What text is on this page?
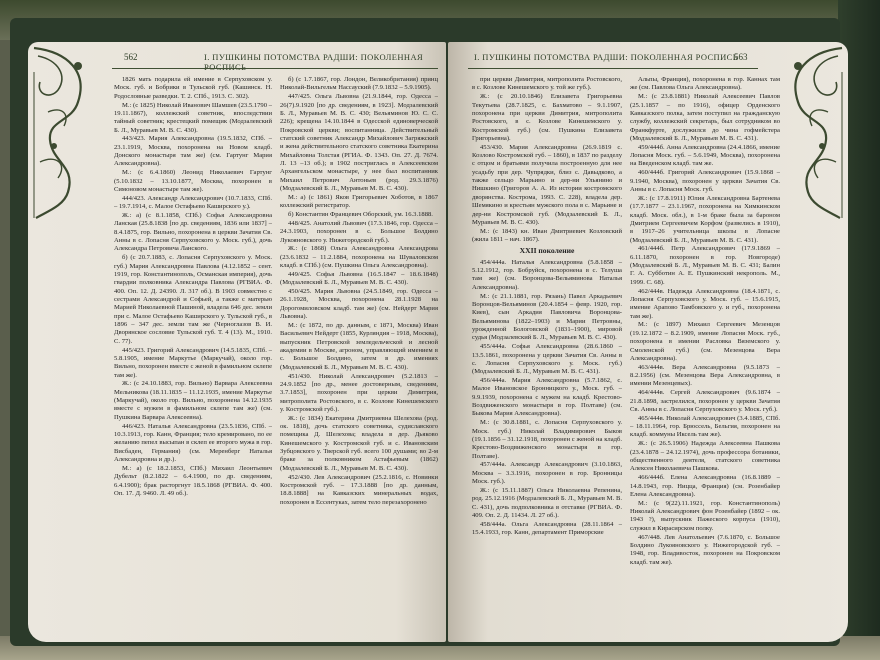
562	I. ПУШКИНЫ ПОТОМСТВА РАДШИ: ПОКОЛЕННАЯ РОСПИСЬ

1826 мать подарила ей имение в Серпуховском у. Моск. губ. и Бобрики в Тульской губ. (Кашинск. Н. Родословные разведки. Т. 2. СПб., 1913. С. 302).

М.: (с 1825) Николай Иванович Шамшев (23.5.1790 – 19.11.1867), коллежский советник, впоследствии тайный советник; крестецкий помещик (Модзалевский Б. Л., Муравьев М. В. С. 430).

443/423. Мария Александровна (19.5.1832, СПб. – 23.1.1919, Москва, похоронена на Новом кладб. Донского монастыря там же) (см. Гартунг Мария Александровна).

М.: (с 6.4.1860) Леонид Николаевич Гартунг (5.10.1832 – 13.10.1877, Москва, похоронен в Симоновом монастыре там же).

444/423. Александр Александрович (10.7.1833, СПб. – 19.7.1914, с. Малое Остафьево Каширского у.).

Ж.: а) (с 8.1.1858, СПб.) Софья Александровна Ланская (25.8.1838 [по др. сведениям, 1836 или 1837] – 8.4.1875, гор. Вильно, похоронена в церкви Зачатия Св. Анны в с. Лопасня Серпуховского у. Моск. губ.), дочь Александра Петровича Ланского.

б) (с 20.7.1883, с. Лопасня Серпуховского у. Моск. губ.) Мария Александровна Павлова (4.12.1852 – сент. 1919, гор. Константинополь, Османская империя), дочь гвардии полковника Александра Павлова (РГВИА. Ф. 400. Оп. 12. Д. 24390. Л. 317 об.). В 1903 совместно с сестрами Александрой и Софьей, а также с матерью Марией Николаевной Пашиной, владела 646 дес. земли при с. Малое Остафьево Каширского у. Тульской губ., в 1896 – 347 дес. земли там же (Черноглазов В. И. Дворянское сословие Тульской губ. Т. 4 (13). М., 1910. С. 77).

445/423. Григорий Александрович (14.5.1835, СПб. – 5.8.1905, имение Маркутье (Маркучай), около гор. Вильно, похоронен вместе с женой в фамильном склепе там же).

Ж.: (с 24.10.1883, гор. Вильно) Варвара Алексеевна Мельникова (18.11.1835 – 11.12.1935, имение Маркутье (Маркучай), около гор. Вильно, похоронена 14.12.1935 вместе с мужем в фамильном склепе там же) (см. Пушкина Варвара Алексеевна).

446/423. Наталья Александровна (23.5.1836, СПб. – 10.3.1913, гор. Канн, Франция; тело кремировано, по ее желанию пепел высыпан в склеп ее второго мужа в гор. Висбаден, Германия) (см. Меренберг Наталья Александровна и др.).

М.: а) (с 18.2.1853, СПб.) Михаил Леонтьевич Дубельт (8.2.1822 – 6.4.1900, по др. сведениям, 6.4.1900); брак расторгнут 18.5.1868 (РГВИА. Ф. 400. Оп. 17. Д. 9460. Л. 49 об.).

б) (с 1.7.1867, гор. Лондон, Великобритания) принц Николай-Вильгельм Нассауский (7.9.1832 – 5.9.1905).

447/425. Ольга Львовна (21.9.1844, гор. Одесса – 26(7).9.1920 [по др. сведениям, в 1923]. Модзалевский Б. Л., Муравьев М. В. С. 430; Вельяминов Ю. С. С. 226); крещена 14.10.1844 в Одесской единоверческой Покровской церкви; воспитанница. Действительный статский советник Александр Михайлович Загряжский и жена действительного статского советника Екатерина Михайловна Толстая (РГИА. Ф. 1343. Оп. 27. Д. 7674. Л. 13 –13 об.); в 1902 постриглась в Алексеевском Архангельском монастыре, у нее был воспитанник Михаил Петрович Антоньев (род. 29.3.1876) (Модзалевский Б. Л., Муравьев М. В. С. 430).

М.: а) (с 1861) Яков Григорьевич Хоботов, в 1867 коллежский регистратор.

б) Константин Францевич Оборский, ум. 16.3.1888.

448/425. Анатолий Львович (17.3.1846, гор. Одесса – 24.3.1903, похоронен в с. Большое Болдино Лукояновского у. Нижегородской губ.).

Ж.: (с 1868) Ольга Александровна Александрова (23.6.1832 – 11.2.1884, похоронена на Шуваловском кладб. в СПб.) (см. Пушкина Ольга Александровна).

449/425. Софья Львовна (16.5.1847 – 18.6.1848) (Модзалевский Б. Л., Муравьев М. В. С. 430).

450/425. Мария Львовна (24.5.1849, гор. Одесса – 26.1.1928, Москва, похоронена 28.1.1928 на Дорогомиловском кладб. там же) (см. Нейдерт Мария Львовна).

М.: (с 1872, по др. данным, с 1871, Москва) Иван Васильевич Нейдерт (1855, Курляндия – 1918, Москва), выпускник Петровской земледельческой и лесной академии в Москве, агроном, управляющий имением в с. Большое Болдино, затем в др. имениях (Модзалевский Б. Л., Муравьев М. В. С. 430).

451/430. Николай Александрович (5.2.1813 – 24.9.1852 [по др., менее достоверным, сведениям, 3.7.1853], похоронен при церкви Димитрия, митрополита Ростовского, в с. Козлове Кинешемского у. Костромской губ.).

Ж.: (с 1834) Екатерина Дмитриевна Шелехова (род. ок. 1818), дочь статского советника, судиславского помещика Д. Шелехова; владела в дер. Дьяково Кинешемского у. Костромской губ. и с. Ивановским Зубцовского у. Тверской губ. всего 100 душами; во 2-м браке за полковником Астафьевым (1862) (Модзалевский Б. Л., Муравьев М. В. С. 430).

452/430. Лев Александрович (25.2.1816, с. Новинки Костромской губ. – 17.3.1888 [по др. данным, 18.8.1888] на Кавказских минеральных водах, похоронен в Ессентуках, затем тело перезахоронено

I. ПУШКИНЫ ПОТОМСТВА РАДШИ: ПОКОЛЕННАЯ РОСПИСЬ
563

при церкви Димитрия, митрополита Ростовского, в с. Козлове Кинешемского у. той же губ.).

Ж.: (с 20.10.1846) Елизавета Григорьевна Текутьева (28.7.1825, с. Бахматово – 9.1.1907, похоронена при церкви Димитрия, митрополита Ростовского, в с. Козлове Кинешемского у. Костромской губ.) (см. Пушкина Елизавета Григорьевна).

453/430. Мария Александровна (26.9.1819 с. Козлово Костромской губ. – 1860), в 1837 по разделу с отцом и братьями получила построенную для нее усадьбу при дер. Чупрядки, близ с. Давыдково, а также сельцо Марьино и дер-ни Ульянино и Нишкино (Григоров А. А. Из истории костромского дворянства. Кострома, 1993. С. 228), владела дер. Шемякино и крестьян мужского пола в с. Марьине и дер-ни Костромской губ. (Модзалевский Б. Л., Муравьев М. В. С. 430).

М.: (с 1843) кн. Иван Дмитриевич Козловский (жила 1811 – нач. 1867).

XXII поколение

454/444а. Наталья Александровна (5.8.1858 – 5.12.1912, гор. Бобруйск, похоронена в с. Телуша там же) (см. Воронцова-Вельяминова Наталья Александровна).

М.: (с 21.1.1881, гор. Рязань) Павел Аркадьевич Воронцов-Вельяминов (20.4.1854 – февр. 1920, гор. Киев), сын Аркадия Павловича Воронцова-Вельяминова (1822–1903) и Марии Петровны, урожденной Бологовской (1831–1900), мировой судья (Модзалевский Б. Л., Муравьев М. В. С. 430).

455/444а. Софья Александровна (28.6.1860 – 13.5.1861, похоронена у церкви Зачатия Св. Анны в с. Лопасня Серпуховского у. Моск. губ.) (Модзалевский Б. Л., Муравьев М. В. С. 431).

456/444а. Мария Александровна (5.7.1862, с. Малое Ивановское Бронницкого у., Моск. губ. – 9.9.1939, похоронена с мужем на кладб. Крестово-Воздвиженского монастыря в гор. Полтаве) (см. Быкова Мария Александровна).

М.: (с 30.8.1881, с. Лопасня Серпуховского у. Моск. губ.) Николай Владимирович Быков (19.1.1856 – 31.12.1918, похоронен с женой на кладб. Крестово-Воздвиженского монастыря в гор. Полтаве).

457/444а. Александр Александрович (3.10.1863, Москва – 3.3.1916, похоронен в гор. Бронницы Моск. губ.).

Ж.: (с 15.11.1887) Ольга Николаевна Репенина, род. 25.12.1916 (Модзалевский Б. Л., Муравьев М. В. С. 431), дочь подполковника в отставке (РГВИА. Ф. 409. Оп. 2. Д. 11434. Л. 27 об.).

458/444а. Ольга Александровна (28.11.1864 – 15.4.1933, гор. Канн, департамент Приморские

Альпы, Франция), похоронена в гор. Каннах там же (см. Павлова Ольга Александровна).

М.: (с 23.8.1881) Николай Алексеевич Павлов (25.1.1857 – по 1916), офицер Орденского Кавказского полка, затем поступил на гражданскую службу, коллежский секретарь, был сотрудником во Франкфурте, дослужился до чина гофмейстера (Модзалевский Б. Л., Муравьев М. В. С. 431).

459/444б. Анна Александровна (24.4.1866, имение Лопасня Моск. губ. – 5.6.1949, Москва), похоронена на Введенском кладб. там же.

460/444б. Григорий Александрович (15.9.1868 – 9.1940, Москва), похоронен у церкви Зачатия Св. Анны в с. Лопасня Моск. губ.

Ж.: (с 17.8.1911) Юлия Александровна Бартенева (17.7.1877 – 23.1.1967, похоронена на Химкинском кладб. Моск. обл.), в 1-м браке была за бароном Дмитрием Сергеевичем Корфом (развелись в 1910), в 1917–26 учительница школы в Лопасне (Модзалевский Б. Л., Муравьев М. В. С. 431).

461/444б. Петр Александрович (17.9.1869 – 6.11.1870, похоронен в гор. Новгороде) (Модзалевский Б. Л., Муравьев М. В. С. 431; Балин Г. А. Субботин А. Е. Пушкинский некрополь. М., 1999. С. 68).

462/444в. Надежда Александровна (18.4.1871, с. Лопасня Серпуховского у. Моск. губ. – 15.6.1915, имение Арапово Тамбовского у. и губ., похоронена там же).

М.: (с 1897) Михаил Сергеевич Мезенцов (19.12.1872 – 8.2.1909, имение Лопасня Моск. губ., похоронена в имении Расловка Вяземского у. Смоленской губ.) (см. Мезенцова Вера Александровна).

463/444в. Вера Александровна (9.5.1873 – 8.2.1956) (см. Мезенцова Вера Александровна, в имении Мезенцевых).

464/444в. Сергей Александрович (9.6.1874 – 21.8.1898, застрелился, похоронен у церкви Зачатия Св. Анны в с. Лопасня Серпуховского у. Моск. губ.).

465/444в. Николай Александрович (3.4.1885, СПб. – 18.11.1964, гор. Брюссель, Бельгия, похоронен на кладб. коммуны Иксель там же).

Ж.: (с 26.5.1906) Надежда Алексеевна Пашкова (23.4.1878 – 24.12.1974), дочь профессора ботаники, общественного деятеля, статского советника Алексея Николаевича Пашкова.

466/444б. Елена Александровна (16.8.1889 – 14.8.1943, гор. Ницца, Франция) (см. Розенбайер Елена Александровна).

М.: (с 9(22).11.1921, гор. Константинополь) Николай Александрович фон Розенбайер (1892 – ок. 1943 ?), выпускник Пажеского корпуса (1910), служил в Кирасирском полку.

467/448. Лев Анатольевич (7.6.1870, с. Большое Болдино Лукояновского у. Нижегородской губ. – 1948, гор. Владивосток, похоронен на Покровском кладб. там же).
